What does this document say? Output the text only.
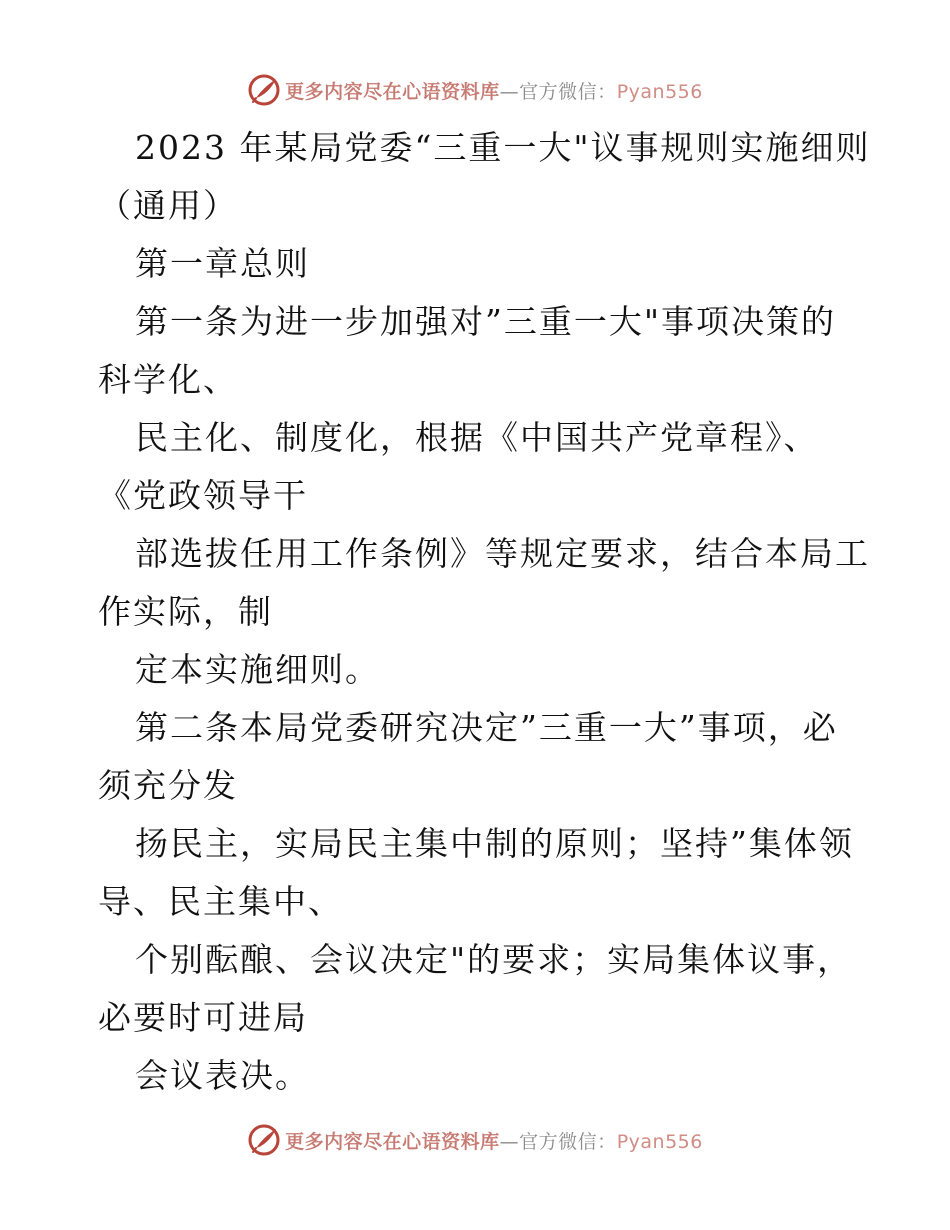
更多内容尽在心语资料库—官方微信：Pyan556
2023 年某局党委“三重一大"议事规则实施细则
（通用）
第一章总则
第一条为进一步加强对”三重一大"事项决策的
科学化、
民主化、制度化，根据《中国共产党章程》、
《党政领导干
部选拔任用工作条例》等规定要求，结合本局工
作实际，制
定本实施细则。
第二条本局党委研究决定”三重一大”事项，必
须充分发
扬民主，实局民主集中制的原则；坚持”集体领
导、民主集中、
个别酝酿、会议决定"的要求；实局集体议事，
必要时可进局
会议表决。
更多内容尽在心语资料库—官方微信：Pyan556
